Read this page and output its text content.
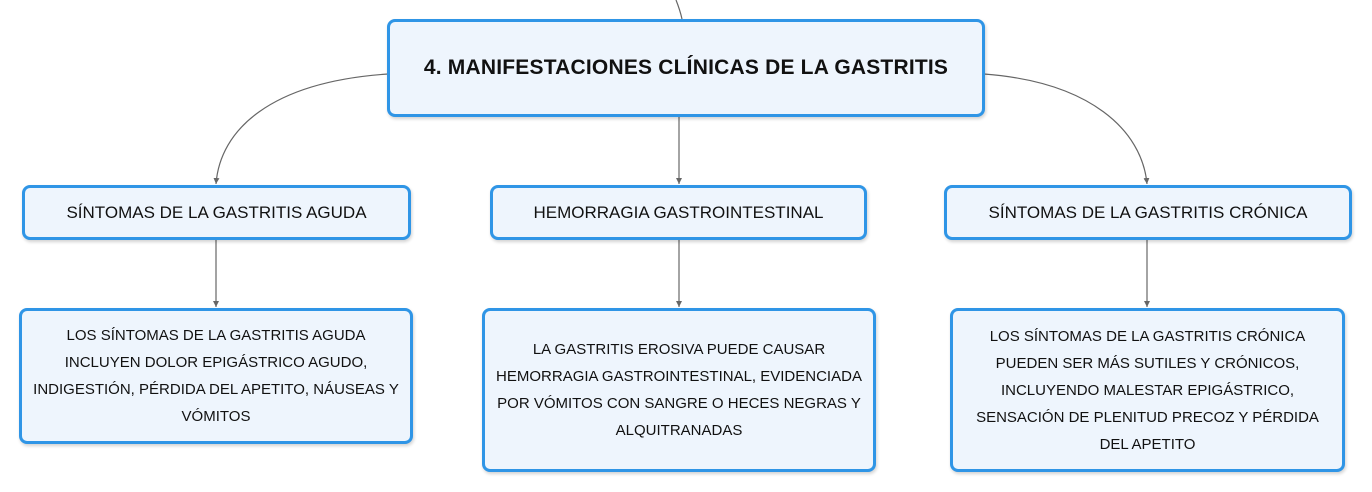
4. MANIFESTACIONES CLÍNICAS DE LA GASTRITIS
SÍNTOMAS DE LA GASTRITIS AGUDA	HEMORRAGIA GASTROINTESTINAL	SÍNTOMAS DE LA GASTRITIS CRÓNICA
LOS SÍNTOMAS DE LA GASTRITIS AGUDA INCLUYEN DOLOR EPIGÁSTRICO AGUDO, INDIGESTIÓN, PÉRDIDA DEL APETITO, NÁUSEAS Y VÓMITOS
LA GASTRITIS EROSIVA PUEDE CAUSAR HEMORRAGIA GASTROINTESTINAL, EVIDENCIADA POR VÓMITOS CON SANGRE O HECES NEGRAS Y ALQUITRANADAS
LOS SÍNTOMAS DE LA GASTRITIS CRÓNICA PUEDEN SER MÁS SUTILES Y CRÓNICOS, INCLUYENDO MALESTAR EPIGÁSTRICO, SENSACIÓN DE PLENITUD PRECOZ Y PÉRDIDA DEL APETITO
